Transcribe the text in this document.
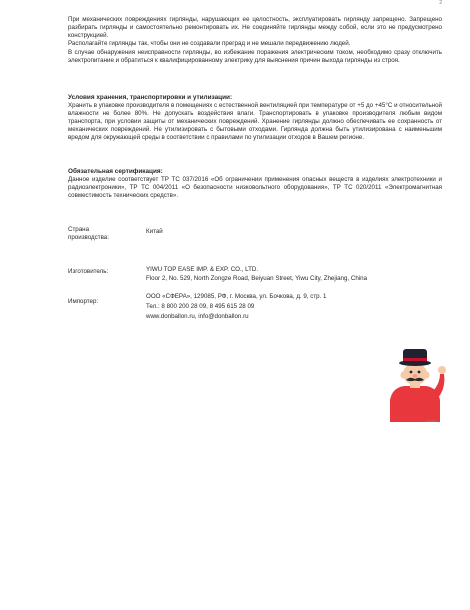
2

При механических повреждениях гирлянды, нарушающих ее целостность, эксплуатировать гирлянду запрещено. Запрещено разбирать гирлянды и самостоятельно ремонтировать их. Не соединяйте гирлянды между собой, если это не предусмотрено конструкцией.

Располагайте гирлянды так, чтобы они не создавали преград и не мешали передвижению людей.

В случае обнаружения неисправности гирлянды, во избежание поражения электрическим током, необходимо сразу отключить электропитание и обратиться к квалифицированному электрику для выяснения причин выхода гирлянды из строя.

Условия хранения, транспортировки и утилизации:
Хранить в упаковке производителя в помещениях с естественной вентиляцией при температуре от +5 до +45°С и относительной влажности не более 80%. Не допускать воздействия влаги. Транспортировать в упаковке производителя любым видом транспорта, при условии защиты от механических повреждений. Хранение гирлянды должно обеспечивать ее сохранность от механических повреждений. Не утилизировать с бытовыми отходами. Гирлянда должна быть утилизирована с наименьшим вредом для окружающей среды в соответствии с правилами по утилизации отходов в Вашем регионе.
Обязательная сертификация:
Данное изделие соответствует ТР ТС 037/2016 «Об ограничении применения опасных веществ в изделиях электротехники и радиоэлектроники», ТР ТС 004/2011 «О безопасности низковольтного оборудования», ТР ТС 020/2011 «Электромагнитная совместимость технических средств».
Страна производства:
Китай
Изготовитель:	YIWU TOP EASE IMP. & EXP. CO., LTD.
Floor 2, No. 529, North Zongze Road, Beiyuan Street, Yiwu City, Zhejiang, China
Импортер:
ООО «СФЕРА», 129085, РФ, г. Москва, ул. Бочкова, д. 9, стр. 1
Тел.: 8 800 200 28 09, 8 495 615 28 09
www.donballon.ru, info@donballon.ru
donballon
